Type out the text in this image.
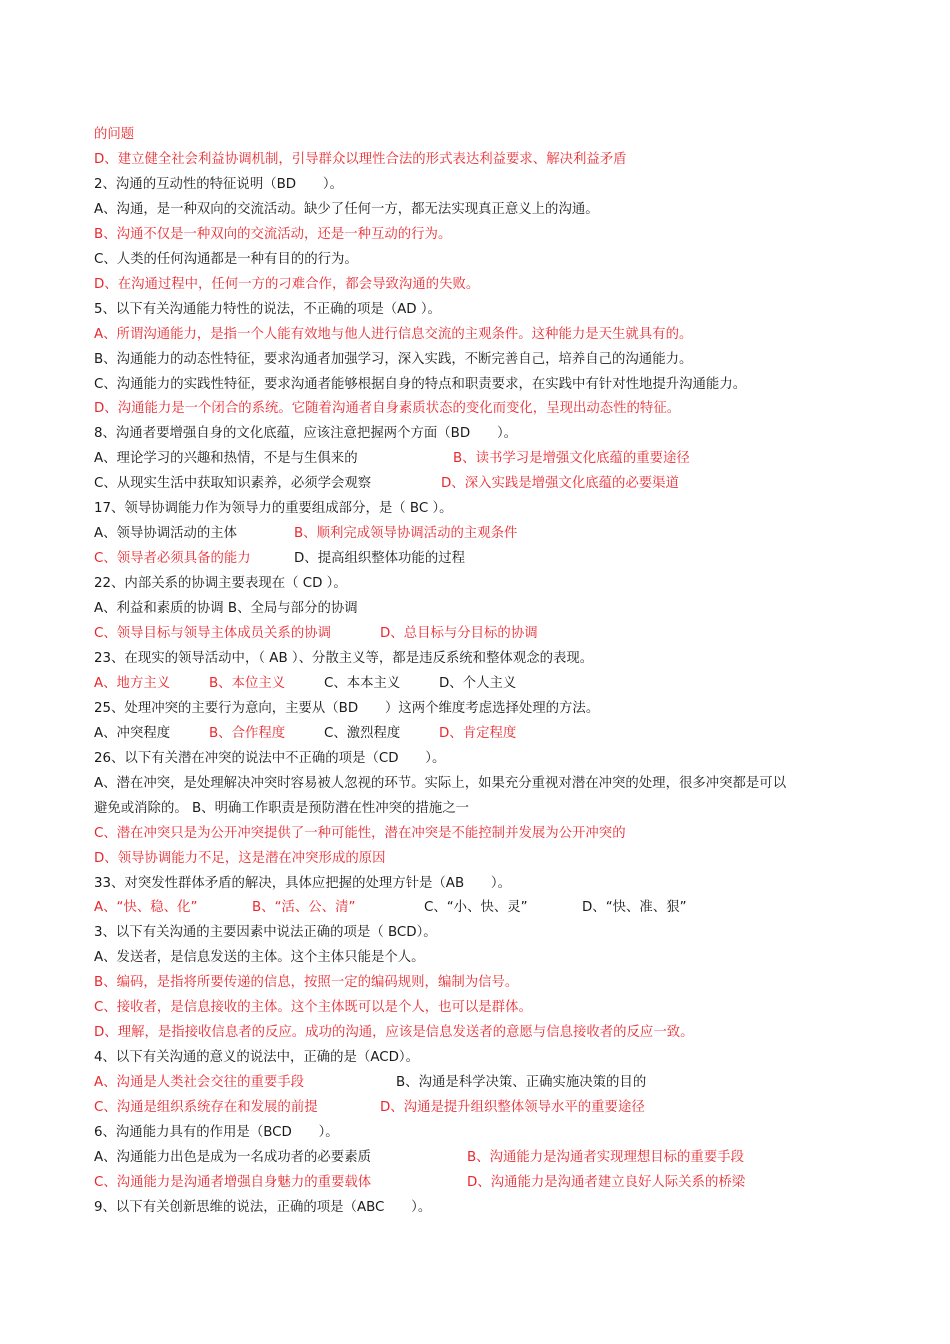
的问题
D、建立健全社会利益协调机制，引导群众以理性合法的形式表达利益要求、解决利益矛盾
2、沟通的互动性的特征说明（BD　　）。
A、沟通，是一种双向的交流活动。缺少了任何一方，都无法实现真正意义上的沟通。
B、沟通不仅是一种双向的交流活动，还是一种互动的行为。
C、人类的任何沟通都是一种有目的的行为。
D、在沟通过程中，任何一方的刁难合作，都会导致沟通的失败。
5、以下有关沟通能力特性的说法，不正确的项是（AD ）。
A、所谓沟通能力，是指一个人能有效地与他人进行信息交流的主观条件。这种能力是天生就具有的。
B、沟通能力的动态性特征，要求沟通者加强学习，深入实践，不断完善自己，培养自己的沟通能力。
C、沟通能力的实践性特征，要求沟通者能够根据自身的特点和职责要求，在实践中有针对性地提升沟通能力。
D、沟通能力是一个闭合的系统。它随着沟通者自身素质状态的变化而变化，呈现出动态性的特征。
8、沟通者要增强自身的文化底蕴，应该注意把握两个方面（BD　　）。
A、理论学习的兴趣和热情，不是与生俱来的	B、读书学习是增强文化底蕴的重要途径
C、从现实生活中获取知识素养，必须学会观察	D、深入实践是增强文化底蕴的必要渠道
17、领导协调能力作为领导力的重要组成部分，是（ BC ）。
A、领导协调活动的主体	B、顺利完成领导协调活动的主观条件
C、领导者必须具备的能力	D、提高组织整体功能的过程
22、内部关系的协调主要表现在（ CD ）。
A、利益和素质的协调 B、全局与部分的协调
C、领导目标与领导主体成员关系的协调	D、总目标与分目标的协调
23、在现实的领导活动中，（ AB ）、分散主义等，都是违反系统和整体观念的表现。
A、地方主义	B、本位主义	C、本本主义	D、个人主义
25、处理冲突的主要行为意向，主要从（BD　　）这两个维度考虑选择处理的方法。
A、冲突程度	B、合作程度	C、激烈程度	D、肯定程度
26、以下有关潜在冲突的说法中不正确的项是（CD　　）。
A、潜在冲突，是处理解决冲突时容易被人忽视的环节。实际上，如果充分重视对潜在冲突的处理，很多冲突都是可以
避免或消除的。 B、明确工作职责是预防潜在性冲突的措施之一
C、潜在冲突只是为公开冲突提供了一种可能性，潜在冲突是不能控制并发展为公开冲突的
D、领导协调能力不足，这是潜在冲突形成的原因
33、对突发性群体矛盾的解决，具体应把握的处理方针是（AB　　）。
A、“快、稳、化”	B、“活、公、清”	C、“小、快、灵”	D、“快、准、狠”
3、以下有关沟通的主要因素中说法正确的项是（ BCD）。
A、发送者，是信息发送的主体。这个主体只能是个人。
B、编码，是指将所要传递的信息，按照一定的编码规则，编制为信号。
C、接收者，是信息接收的主体。这个主体既可以是个人，也可以是群体。
D、理解，是指接收信息者的反应。成功的沟通，应该是信息发送者的意愿与信息接收者的反应一致。
4、以下有关沟通的意义的说法中，正确的是（ACD）。
A、沟通是人类社会交往的重要手段	B、沟通是科学决策、正确实施决策的目的
C、沟通是组织系统存在和发展的前提	D、沟通是提升组织整体领导水平的重要途径
6、沟通能力具有的作用是（BCD　　）。
A、沟通能力出色是成为一名成功者的必要素质	B、沟通能力是沟通者实现理想目标的重要手段
C、沟通能力是沟通者增强自身魅力的重要载体	D、沟通能力是沟通者建立良好人际关系的桥梁
9、以下有关创新思维的说法，正确的项是（ABC　　）。
